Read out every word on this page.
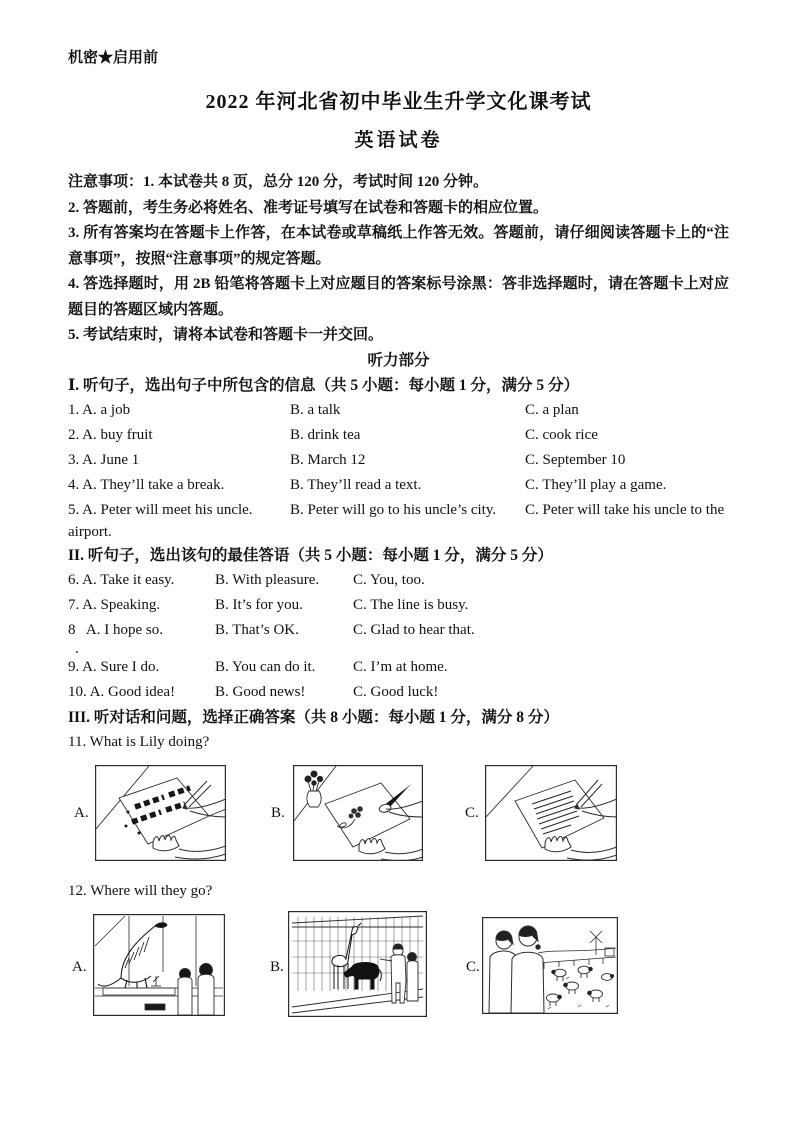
机密★启用前
2022 年河北省初中毕业生升学文化课考试
英语试卷

注意事项：1. 本试卷共 8 页，总分 120 分，考试时间 120 分钟。

2. 答题前，考生务必将姓名、准考证号填写在试卷和答题卡的相应位置。

3. 所有答案均在答题卡上作答，在本试卷或草稿纸上作答无效。答题前，请仔细阅读答题卡上的“注意事项”，按照“注意事项”的规定答题。

4. 答选择题时，用 2B 铅笔将答题卡上对应题目的答案标号涂黑：答非选择题时，请在答题卡上对应题目的答题区域内答题。

5. 考试结束时，请将本试卷和答题卡一并交回。

听力部分
Ⅰ. 听句子，选出句子中所包含的信息（共 5 小题：每小题 1 分，满分 5 分）
1. A. a job	B. a talk	C. a plan
2. A. buy fruit	B. drink tea	C. cook rice
3. A. June 1	B. March 12	C. September 10
4. A. They’ll take a break.	B. They’ll read a text.	C. They’ll play a game.
5. A. Peter will meet his uncle.	B. Peter will go to his uncle’s city.	C. Peter will take his uncle to the
airport.
II. 听句子，选出该句的最佳答语（共 5 小题：每小题 1 分，满分 5 分）
6. A. Take it easy.	B. With pleasure.	C. You, too.
7. A. Speaking.	B. It’s for you.	C. The line is busy.
8   A. I hope so.	B. That’s OK.	C. Glad to hear that.
.
9. A. Sure I do.	B. You can do it.	C. I’m at home.
10. A. Good idea!	B. Good news!	C. Good luck!
III. 听对话和问题，选择正确答案（共 8 小题：每小题 1 分，满分 8 分）
11. What is Lily doing?
A.	B.	C.
12. Where will they go?
A.	B.	C.
